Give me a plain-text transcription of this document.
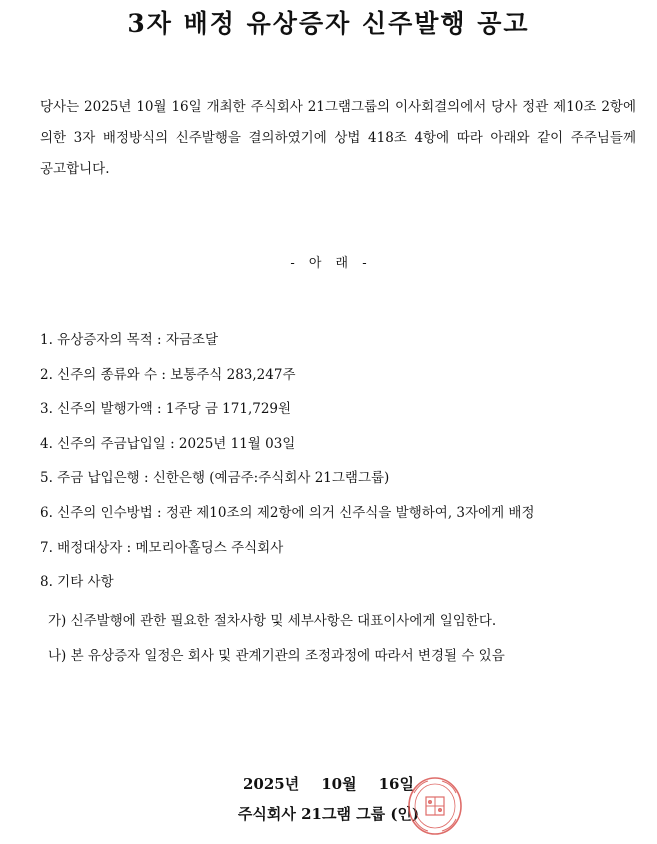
3자 배정 유상증자 신주발행 공고
당사는 2025년 10월 16일 개최한 주식회사 21그램그룹의 이사회결의에서 당사 정관 제10조 2항에 의한 3자 배정방식의 신주발행을 결의하였기에 상법 418조 4항에 따라 아래와 같이 주주님들께 공고합니다.
- 아 래 -
1. 유상증자의 목적 : 자금조달
2. 신주의 종류와 수 : 보통주식 283,247주
3. 신주의 발행가액 : 1주당 금 171,729원
4. 신주의 주금납입일 : 2025년 11월 03일
5. 주금 납입은행 : 신한은행 (예금주:주식회사 21그램그룹)
6. 신주의 인수방법 : 정관 제10조의 제2항에 의거 신주식을 발행하여, 3자에게 배정
7. 배정대상자 : 메모리아홀딩스 주식회사
8. 기타 사항
가) 신주발행에 관한 필요한 절차사항 및 세부사항은 대표이사에게 일임한다.
나) 본 유상증자 일정은 회사 및 관계기관의 조정과정에 따라서 변경될 수 있음
2025년 10월 16일
주식회사 21그램 그룹 (인)
